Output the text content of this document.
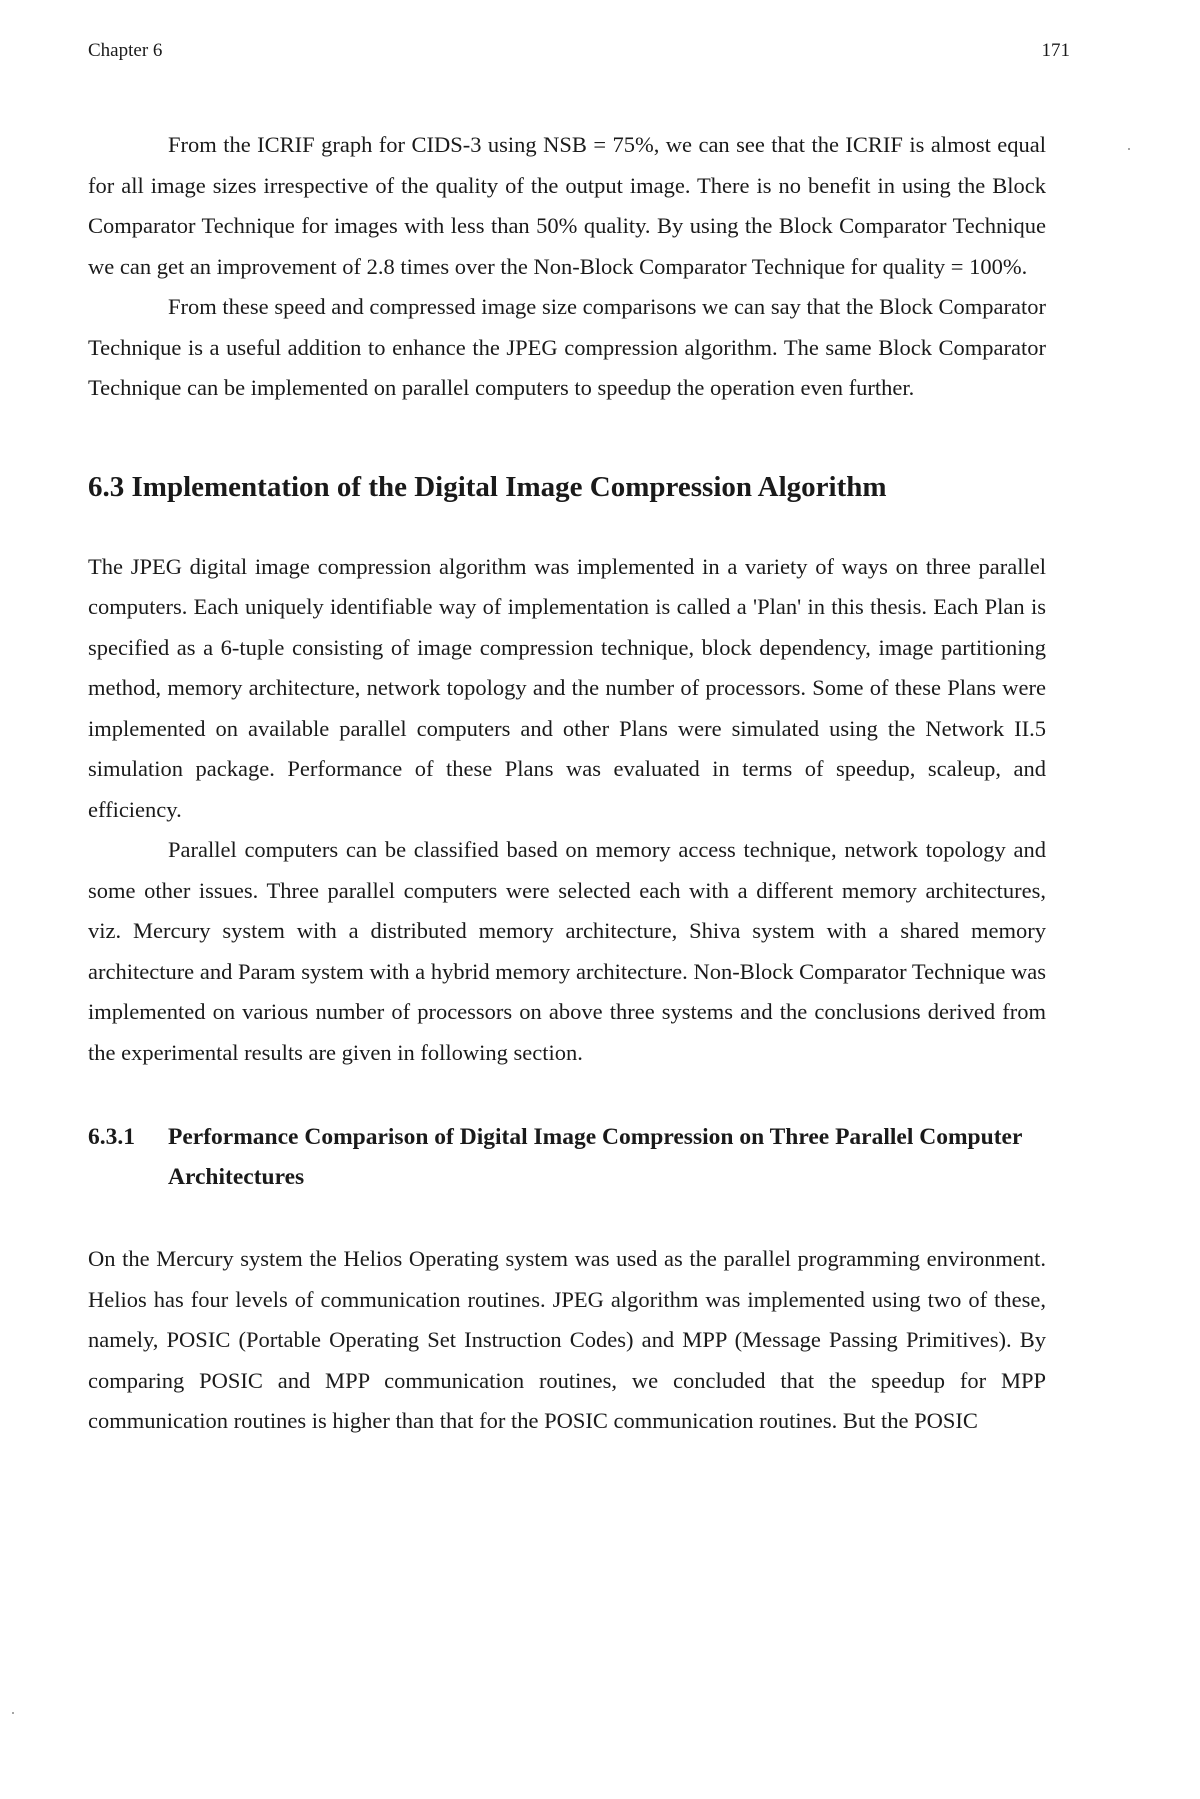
Chapter 6	171

From the ICRIF graph for CIDS-3 using NSB = 75%, we can see that the ICRIF is almost equal for all image sizes irrespective of the quality of the output image. There is no benefit in using the Block Comparator Technique for images with less than 50% quality. By using the Block Comparator Technique we can get an improvement of 2.8 times over the Non-Block Comparator Technique for quality = 100%.

From these speed and compressed image size comparisons we can say that the Block Comparator Technique is a useful addition to enhance the JPEG compression algorithm. The same Block Comparator Technique can be implemented on parallel computers to speedup the operation even further.

6.3 Implementation of the Digital Image Compression Algorithm

The JPEG digital image compression algorithm was implemented in a variety of ways on three parallel computers. Each uniquely identifiable way of implementation is called a 'Plan' in this thesis. Each Plan is specified as a 6-tuple consisting of image compression technique, block dependency, image partitioning method, memory architecture, network topology and the number of processors. Some of these Plans were implemented on available parallel computers and other Plans were simulated using the Network II.5 simulation package. Performance of these Plans was evaluated in terms of speedup, scaleup, and efficiency.

Parallel computers can be classified based on memory access technique, network topology and some other issues. Three parallel computers were selected each with a different memory architectures, viz. Mercury system with a distributed memory architecture, Shiva system with a shared memory architecture and Param system with a hybrid memory architecture. Non-Block Comparator Technique was implemented on various number of processors on above three systems and the conclusions derived from the experimental results are given in following section.

6.3.1	Performance Comparison of Digital Image Compression on Three Parallel Computer Architectures

On the Mercury system the Helios Operating system was used as the parallel programming environment. Helios has four levels of communication routines. JPEG algorithm was implemented using two of these, namely, POSIC (Portable Operating Set Instruction Codes) and MPP (Message Passing Primitives). By comparing POSIC and MPP communication routines, we concluded that the speedup for MPP communication routines is higher than that for the POSIC communication routines. But the POSIC
